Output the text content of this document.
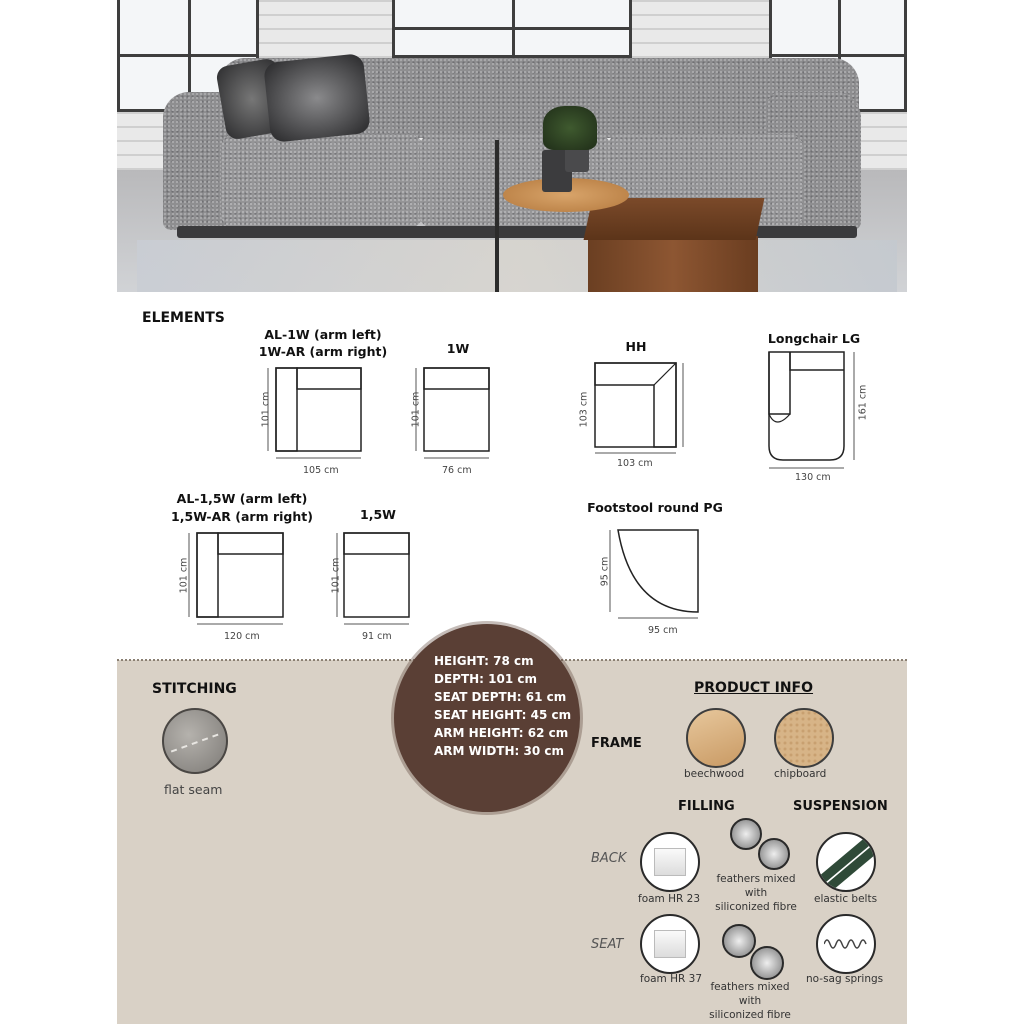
ELEMENTS
AL-1W (arm left)
1W-AR (arm right)
105 cm
101 cm
1W
76 cm
101 cm
HH
103 cm
103 cm
Longchair LG
130 cm
161 cm
AL-1,5W (arm left)
1,5W-AR (arm right)
120 cm
101 cm
1,5W
91 cm
101 cm
Footstool round PG
95 cm
95 cm
HEIGHT: 78 cm
DEPTH: 101 cm
SEAT DEPTH: 61 cm
SEAT HEIGHT: 45 cm
ARM HEIGHT: 62 cm
ARM WIDTH: 30 cm
STITCHING
flat seam
PRODUCT INFO
FRAME
beechwood	chipboard
FILLING	SUSPENSION
BACK
foam HR 23
feathers mixed
with
siliconized fibre
elastic belts
SEAT
foam HR 37
feathers mixed
with
siliconized fibre
no-sag springs
